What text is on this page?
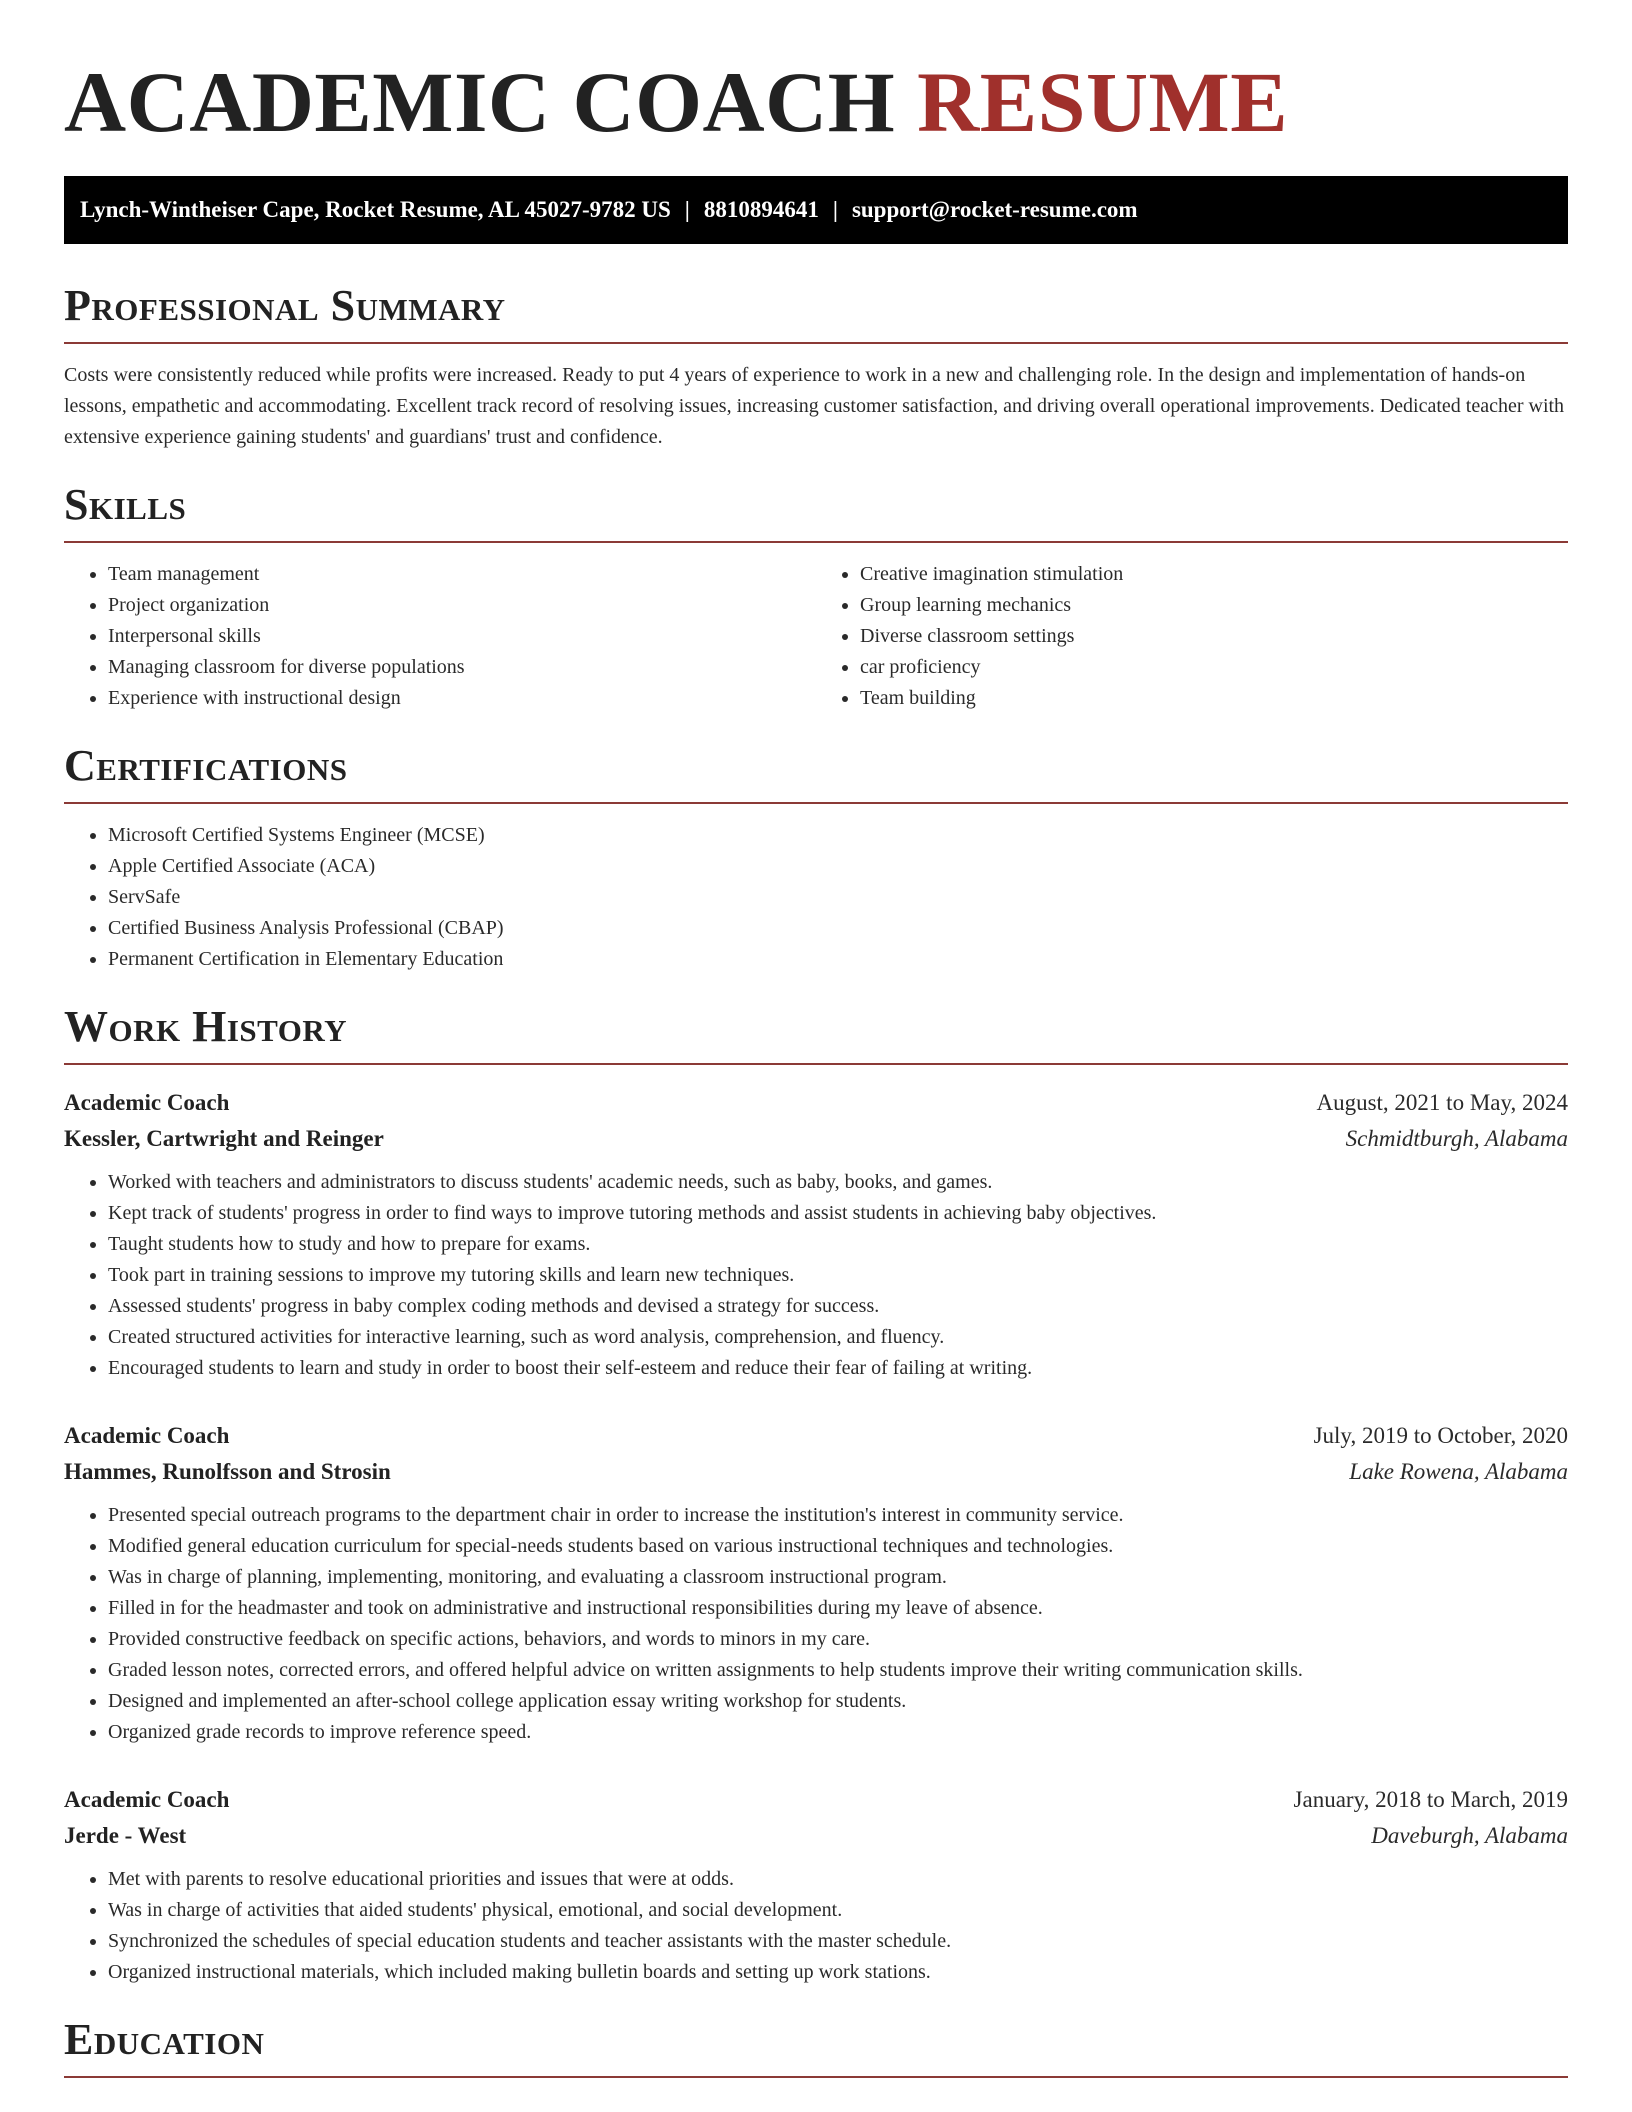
ACADEMIC COACH RESUME
Lynch-Wintheiser Cape, Rocket Resume, AL 45027-9782 US | 8810894641 | support@rocket-resume.com
Professional Summary

Costs were consistently reduced while profits were increased. Ready to put 4 years of experience to work in a new and challenging role. In the design and implementation of hands-on lessons, empathetic and accommodating. Excellent track record of resolving issues, increasing customer satisfaction, and driving overall operational improvements. Dedicated teacher with extensive experience gaining students' and guardians' trust and confidence.

Skills
• Team management
• Project organization
• Interpersonal skills
• Managing classroom for diverse populations
• Experience with instructional design
• Creative imagination stimulation
• Group learning mechanics
• Diverse classroom settings
• car proficiency
• Team building
Certifications
• Microsoft Certified Systems Engineer (MCSE)
• Apple Certified Associate (ACA)
• ServSafe
• Certified Business Analysis Professional (CBAP)
• Permanent Certification in Elementary Education
Work History
Academic Coach	August, 2021 to May, 2024
Kessler, Cartwright and Reinger	Schmidtburgh, Alabama
• Worked with teachers and administrators to discuss students' academic needs, such as baby, books, and games.
• Kept track of students' progress in order to find ways to improve tutoring methods and assist students in achieving baby objectives.
• Taught students how to study and how to prepare for exams.
• Took part in training sessions to improve my tutoring skills and learn new techniques.
• Assessed students' progress in baby complex coding methods and devised a strategy for success.
• Created structured activities for interactive learning, such as word analysis, comprehension, and fluency.
• Encouraged students to learn and study in order to boost their self-esteem and reduce their fear of failing at writing.
Academic Coach	July, 2019 to October, 2020
Hammes, Runolfsson and Strosin	Lake Rowena, Alabama
• Presented special outreach programs to the department chair in order to increase the institution's interest in community service.
• Modified general education curriculum for special-needs students based on various instructional techniques and technologies.
• Was in charge of planning, implementing, monitoring, and evaluating a classroom instructional program.
• Filled in for the headmaster and took on administrative and instructional responsibilities during my leave of absence.
• Provided constructive feedback on specific actions, behaviors, and words to minors in my care.
• Graded lesson notes, corrected errors, and offered helpful advice on written assignments to help students improve their writing communication skills.
• Designed and implemented an after-school college application essay writing workshop for students.
• Organized grade records to improve reference speed.
Academic Coach	January, 2018 to March, 2019
Jerde - West	Daveburgh, Alabama
• Met with parents to resolve educational priorities and issues that were at odds.
• Was in charge of activities that aided students' physical, emotional, and social development.
• Synchronized the schedules of special education students and teacher assistants with the master schedule.
• Organized instructional materials, which included making bulletin boards and setting up work stations.
Education
